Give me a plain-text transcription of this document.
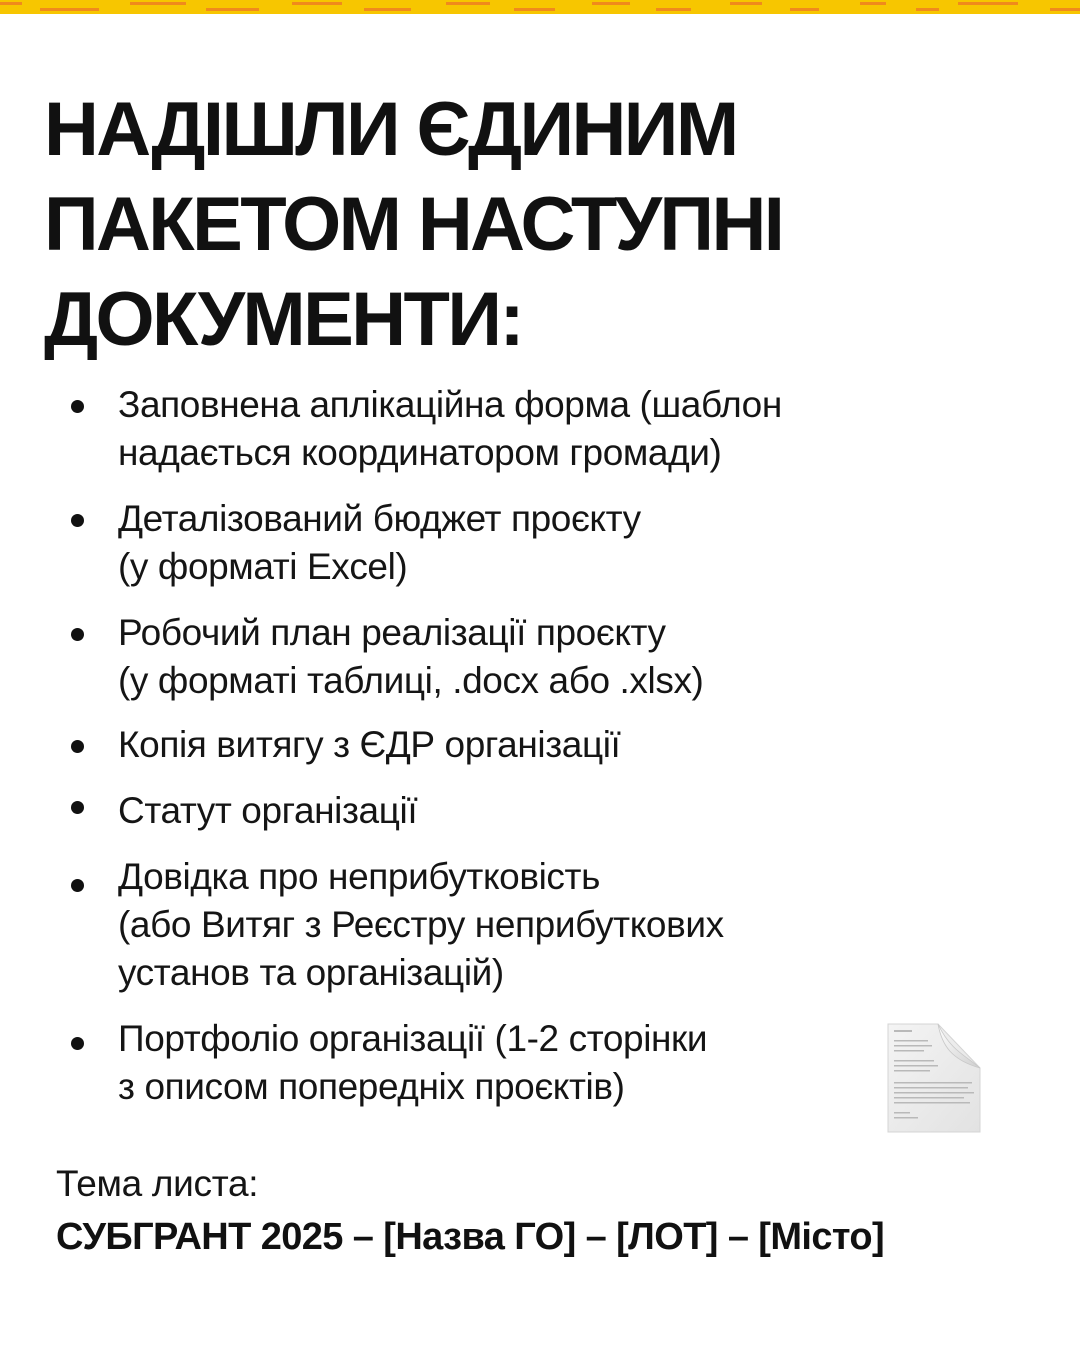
НАДІШЛИ ЄДИНИМ
ПАКЕТОМ НАСТУПНІ
ДОКУМЕНТИ:
Заповнена аплікаційна форма (шаблон
надається координатором громади)
Деталізований бюджет проєкту
(у форматі Excel)
Робочий план реалізації проєкту
(у форматі таблиці, .docx або .xlsx)
Копія витягу з ЄДР організації
Статут організації
Довідка про неприбутковість
(або Витяг з Реєстру неприбуткових
установ та організацій)
Портфоліо організації (1-2 сторінки
з описом попередніх проєктів)
Тема листа:
СУБГРАНТ 2025 – [Назва ГО] – [ЛОТ] – [Місто]
